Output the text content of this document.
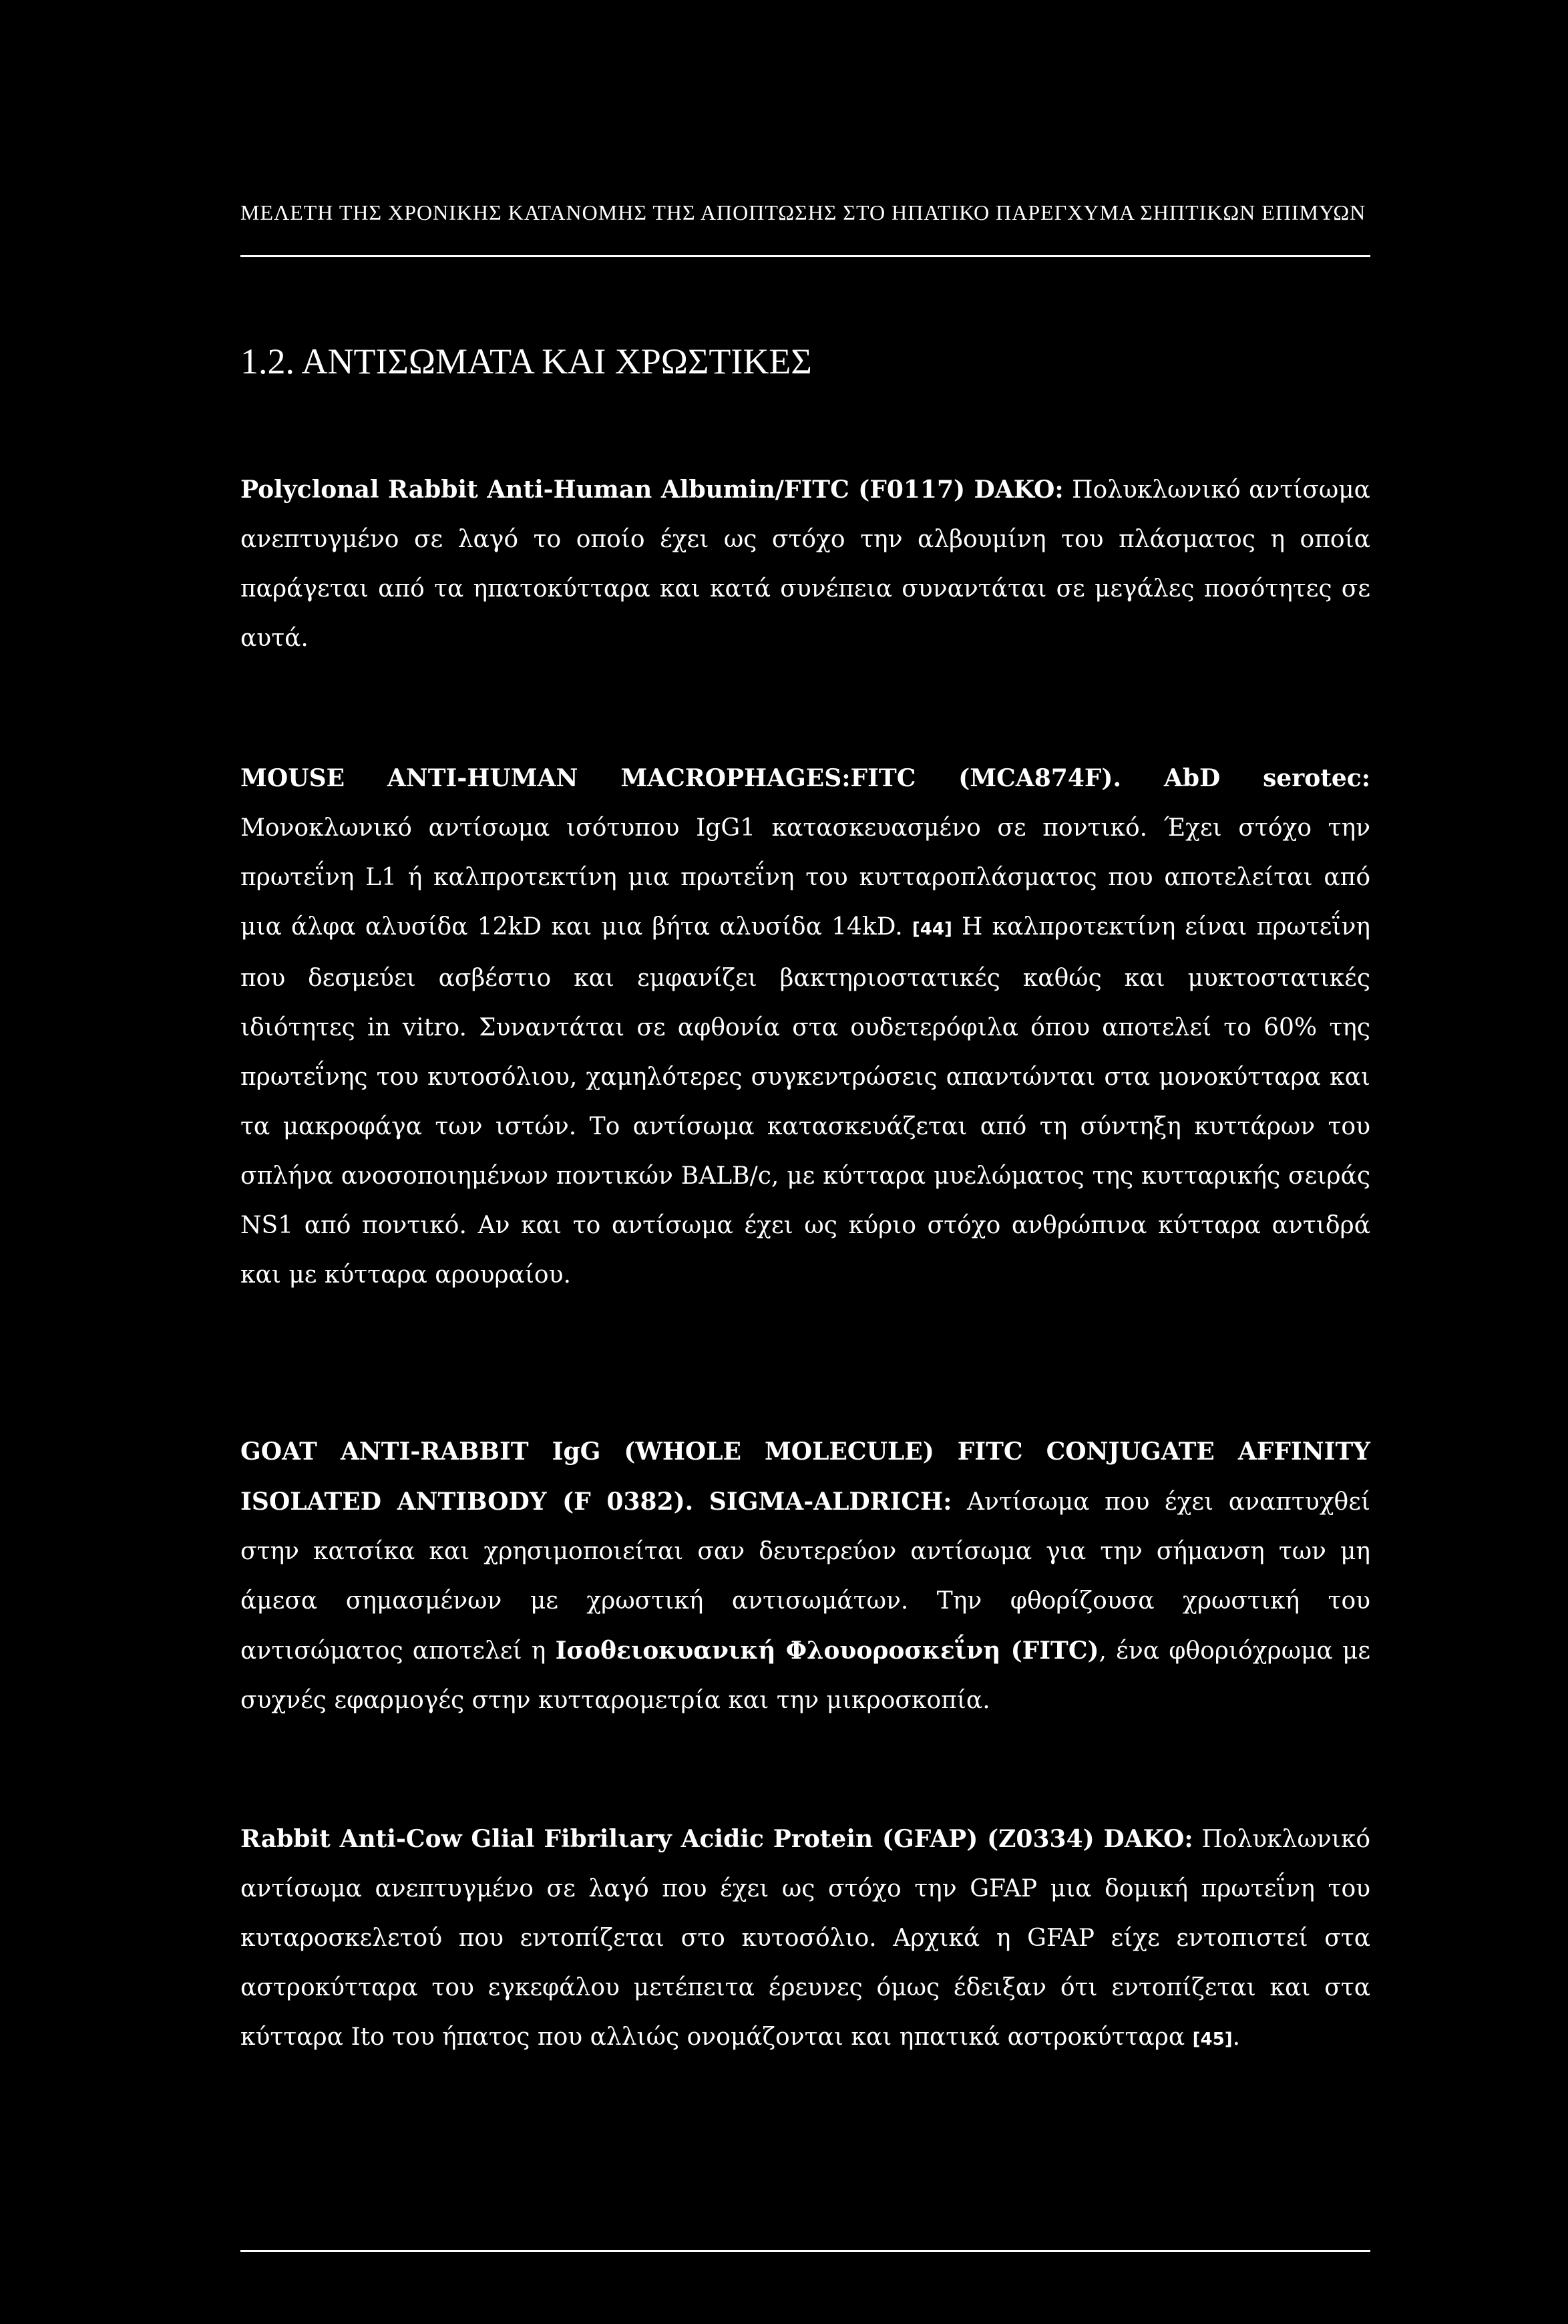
ΜΕΛΕΤΗ ΤΗΣ ΧΡΟΝΙΚΗΣ ΚΑΤΑΝΟΜΗΣ ΤΗΣ ΑΠΟΠΤΩΣΗΣ ΣΤΟ ΗΠΑΤΙΚΟ ΠΑΡΕΓΧΥΜΑ ΣΗΠΤΙΚΩΝ ΕΠΙΜΥΩΝ
1.2. ΑΝΤΙΣΩΜΑΤΑ ΚΑΙ ΧΡΩΣΤΙΚΕΣ

Polyclonal Rabbit Anti-Human Albumin/FITC (F0117) DAKO: Πολυκλωνικό αντίσωμα ανεπτυγμένο σε λαγό το οποίο έχει ως στόχο την αλβουμίνη του πλάσματος η οποία παράγεται από τα ηπατοκύτταρα και κατά συνέπεια συναντάται σε μεγάλες ποσότητες σε αυτά.

MOUSE ANTI-HUMAN MACROPHAGES:FITC (MCA874F). AbD serotec: Μονοκλωνικό αντίσωμα ισότυπου IgG1 κατασκευασμένο σε ποντικό. Έχει στόχο την πρωτεΐνη L1 ή καλπροτεκτίνη μια πρωτεΐνη του κυτταροπλάσματος που αποτελείται από μια άλφα αλυσίδα 12kD και μια βήτα αλυσίδα 14kD. [44] Η καλπροτεκτίνη είναι πρωτεΐνη που δεσμεύει ασβέστιο και εμφανίζει βακτηριοστατικές καθώς και μυκτοστατικές ιδιότητες in vitro. Συναντάται σε αφθονία στα ουδετερόφιλα όπου αποτελεί το 60% της πρωτεΐνης του κυτοσόλιου, χαμηλότερες συγκεντρώσεις απαντώνται στα μονοκύτταρα και τα μακροφάγα των ιστών. Το αντίσωμα κατασκευάζεται από τη σύντηξη κυττάρων του σπλήνα ανοσοποιημένων ποντικών BALB/c, με κύτταρα μυελώματος της κυτταρικής σειράς NS1 από ποντικό. Αν και το αντίσωμα έχει ως κύριο στόχο ανθρώπινα κύτταρα αντιδρά και με κύτταρα αρουραίου.

GOAT ANTI-RABBIT IgG (WHOLE MOLECULE) FITC CONJUGATE AFFINITY ISOLATED ANTIBODY (F 0382). SIGMA-ALDRICH: Αντίσωμα που έχει αναπτυχθεί στην κατσίκα και χρησιμοποιείται σαν δευτερεύον αντίσωμα για την σήμανση των μη άμεσα σημασμένων με χρωστική αντισωμάτων. Την φθορίζουσα χρωστική του αντισώματος αποτελεί η Ισοθειοκυανική Φλουοροσκεΐνη (FITC), ένα φθοριόχρωμα με συχνές εφαρμογές στην κυτταρομετρία και την μικροσκοπία.

Rabbit Anti-Cow Glial Fibrilιary Acidic Protein (GFAP) (Z0334) DAKO: Πολυκλωνικό αντίσωμα ανεπτυγμένο σε λαγό που έχει ως στόχο την GFAP μια δομική πρωτεΐνη του κυταροσκελετού που εντοπίζεται στο κυτοσόλιο. Αρχικά η GFAP είχε εντοπιστεί στα αστροκύτταρα του εγκεφάλου μετέπειτα έρευνες όμως έδειξαν ότι εντοπίζεται και στα κύτταρα Ito του ήπατος που αλλιώς ονομάζονται και ηπατικά αστροκύτταρα [45].
